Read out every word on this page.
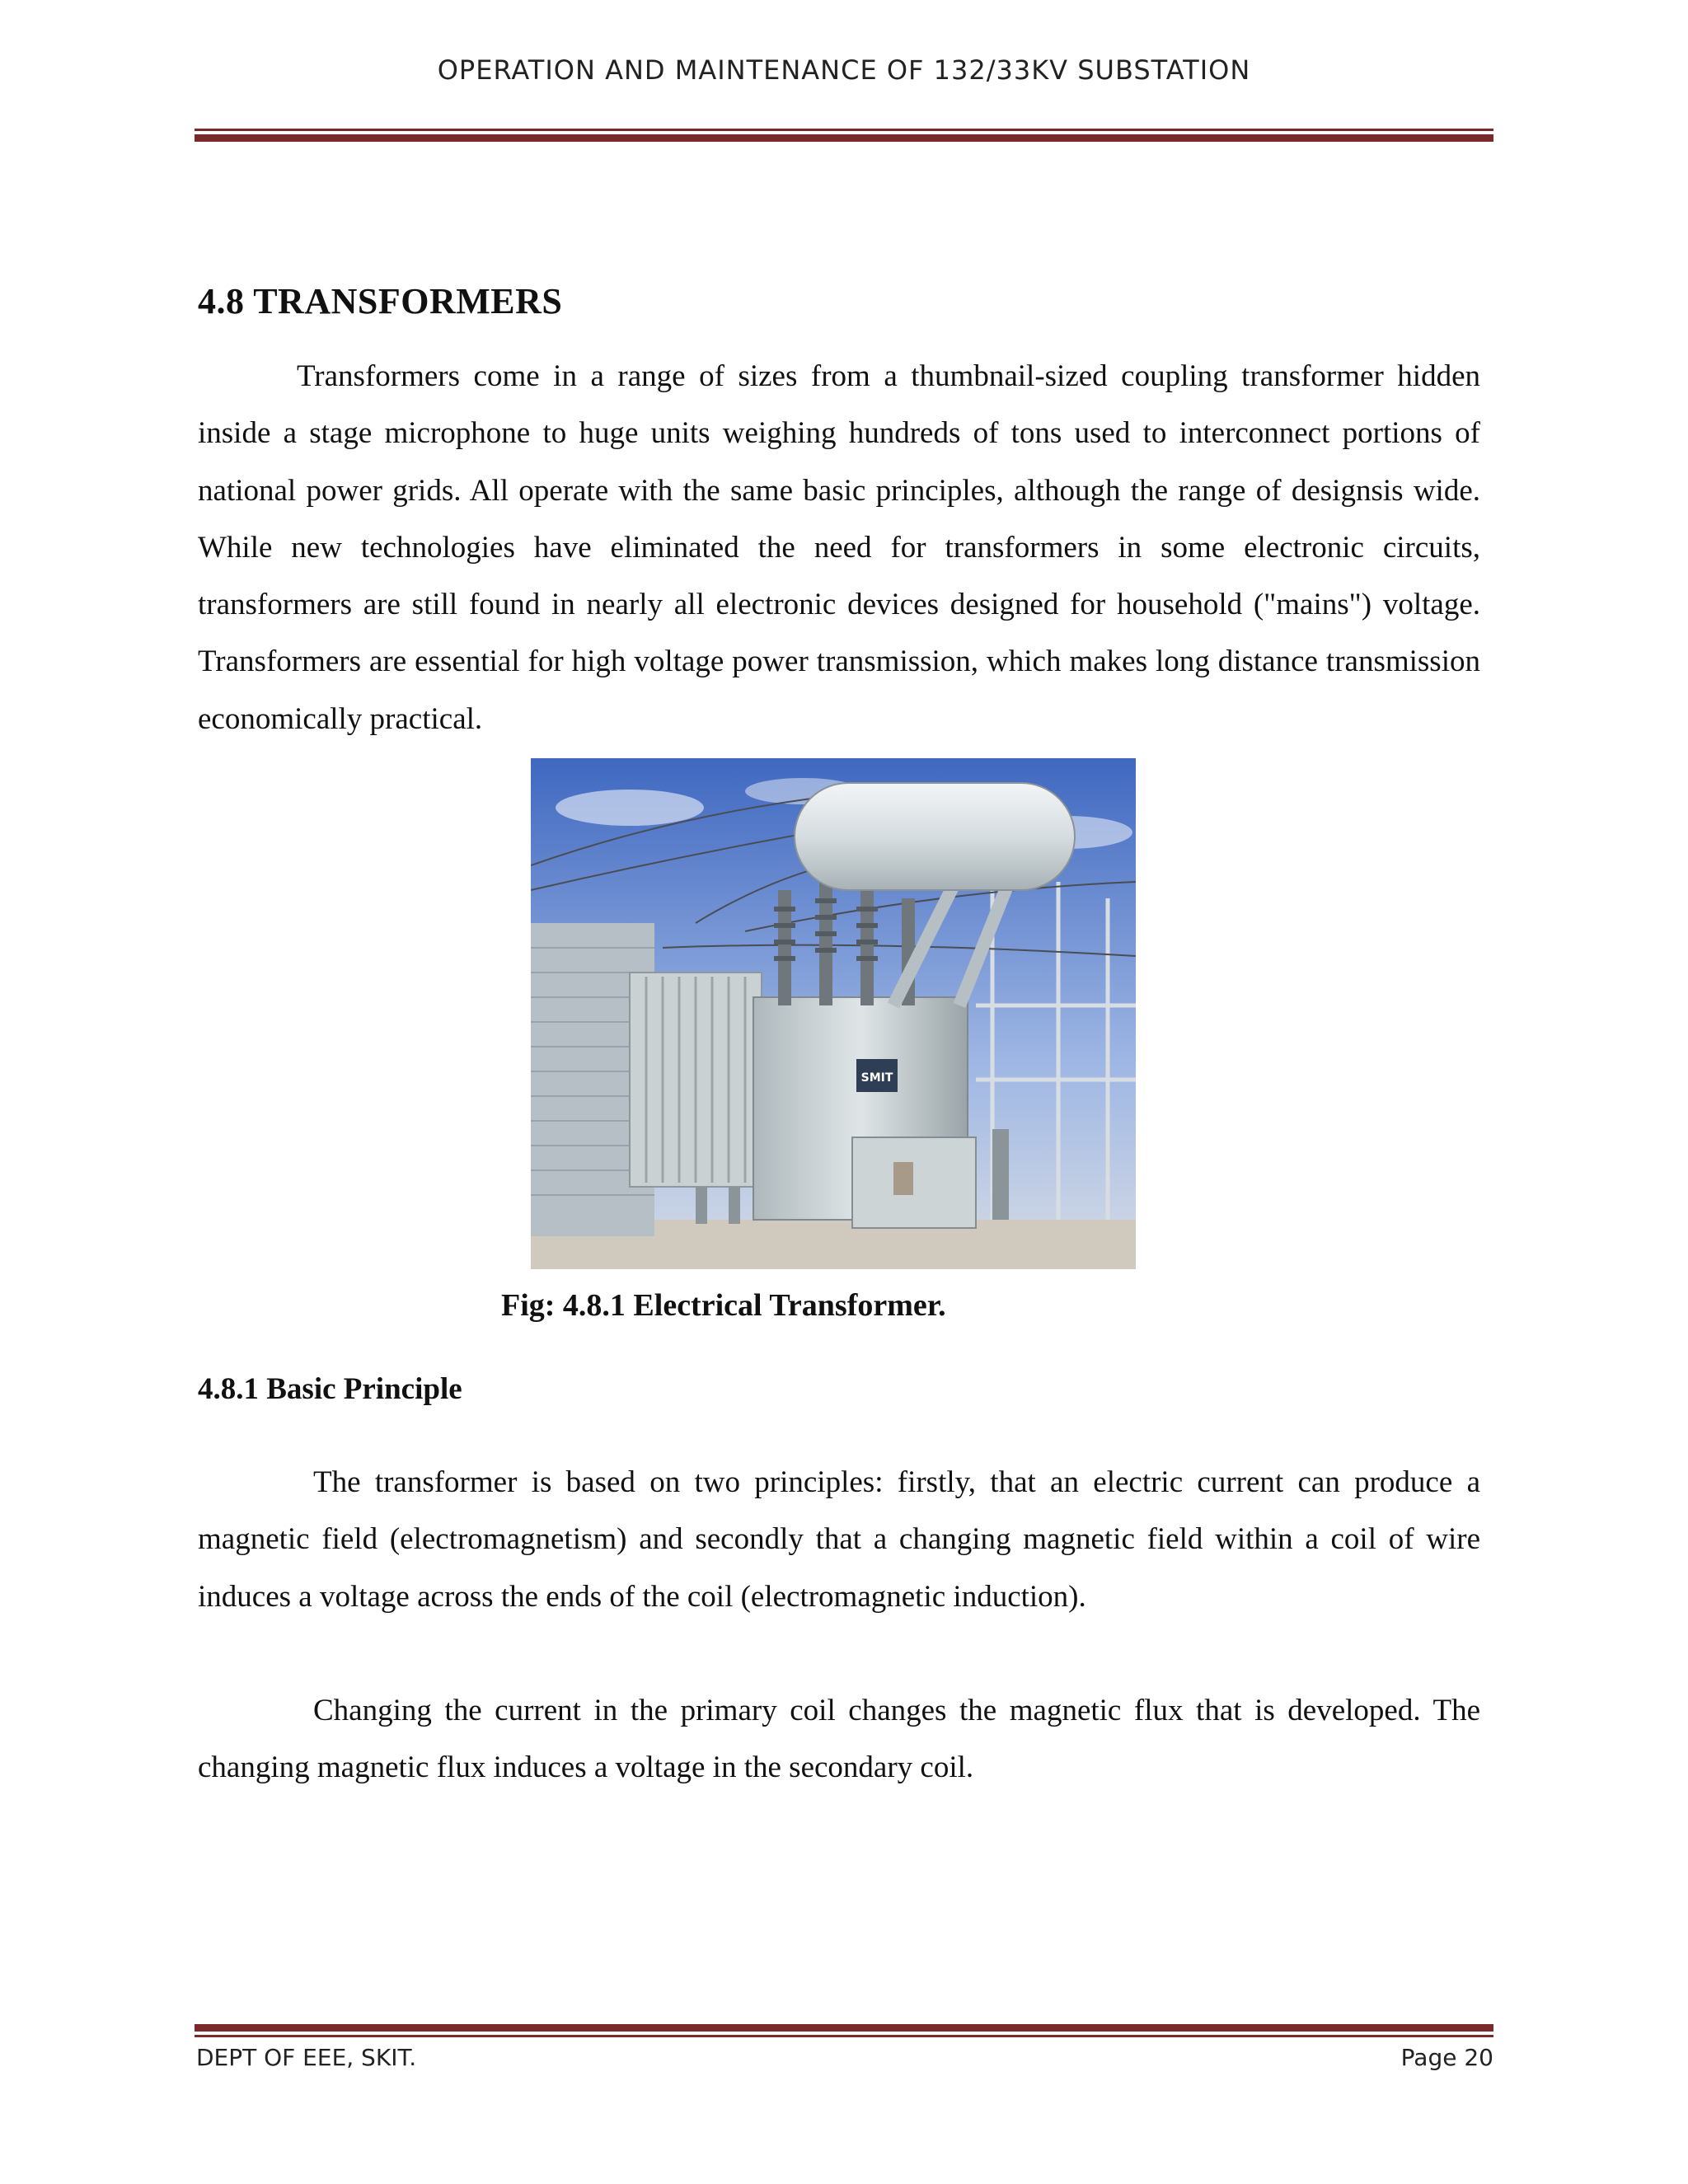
OPERATION AND MAINTENANCE OF 132/33KV SUBSTATION
4.8 TRANSFORMERS
Transformers come in a range of sizes from a thumbnail-sized coupling transformer hidden inside a stage microphone to huge units weighing hundreds of tons used to interconnect portions of national power grids. All operate with the same basic principles, although the range of designsis wide. While new technologies have eliminated the need for transformers in some electronic circuits, transformers are still found in nearly all electronic devices designed for household ("mains") voltage. Transformers are essential for high voltage power transmission, which makes long distance transmission economically practical.
SMIT
Fig: 4.8.1 Electrical Transformer.
4.8.1 Basic Principle
The transformer is based on two principles: firstly, that an electric current can produce a magnetic field (electromagnetism) and secondly that a changing magnetic field within a coil of wire induces a voltage across the ends of the coil (electromagnetic induction).
Changing the current in the primary coil changes the magnetic flux that is developed. The changing magnetic flux induces a voltage in the secondary coil.
DEPT OF EEE, SKIT.	Page 20
